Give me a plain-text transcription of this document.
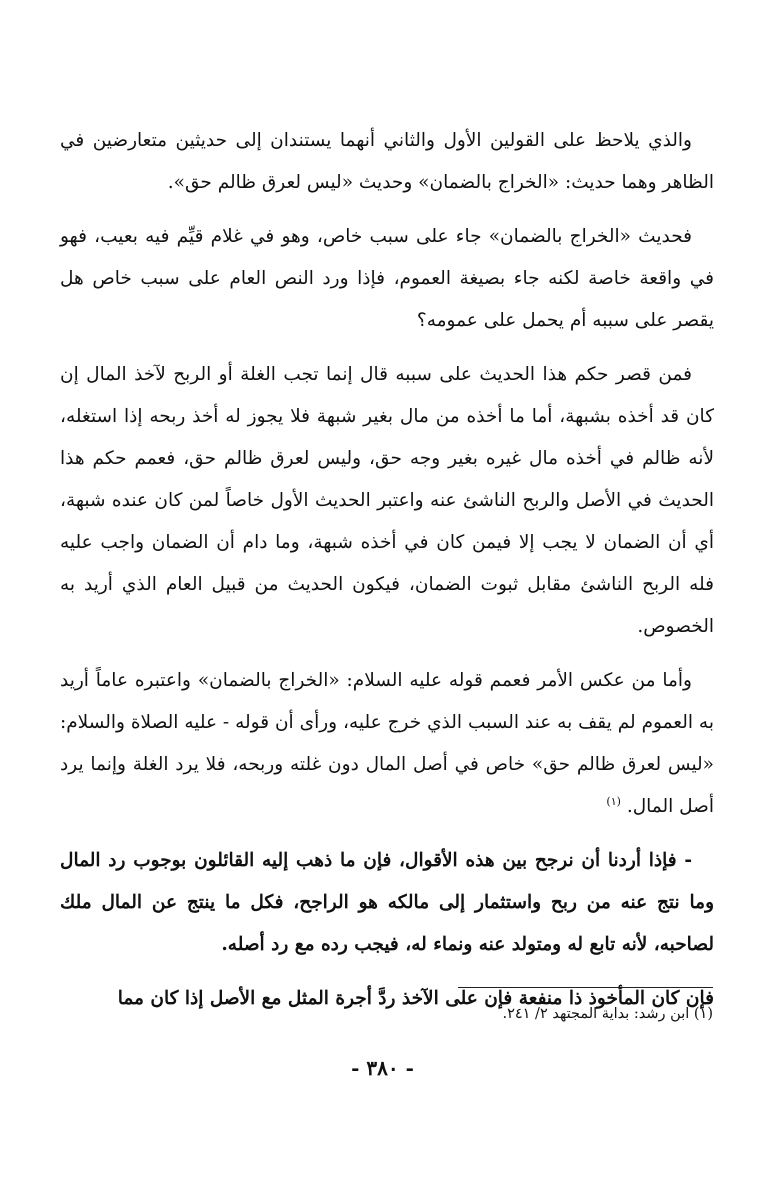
والذي يلاحظ على القولين الأول والثاني أنهما يستندان إلى حديثين متعارضين في الظاهر وهما حديث: «الخراج بالضمان» وحديث «ليس لعرق ظالم حق».

فحديث «الخراج بالضمان» جاء على سبب خاص، وهو في غلام قيِّم فيه بعيب، فهو في واقعة خاصة لكنه جاء بصيغة العموم، فإذا ورد النص العام على سبب خاص هل يقصر على سببه أم يحمل على عمومه؟

فمن قصر حكم هذا الحديث على سببه قال إنما تجب الغلة أو الربح لآخذ المال إن كان قد أخذه بشبهة، أما ما أخذه من مال بغير شبهة فلا يجوز له أخذ ربحه إذا استغله، لأنه ظالم في أخذه مال غيره بغير وجه حق، وليس لعرق ظالم حق، فعمم حكم هذا الحديث في الأصل والربح الناشئ عنه واعتبر الحديث الأول خاصاً لمن كان عنده شبهة، أي أن الضمان لا يجب إلا فيمن كان في أخذه شبهة، وما دام أن الضمان واجب عليه فله الربح الناشئ مقابل ثبوت الضمان، فيكون الحديث من قبيل العام الذي أريد به الخصوص.

وأما من عكس الأمر فعمم قوله عليه السلام: «الخراج بالضمان» واعتبره عاماً أريد به العموم لم يقف به عند السبب الذي خرج عليه، ورأى أن قوله - عليه الصلاة والسلام: «ليس لعرق ظالم حق» خاص في أصل المال دون غلته وربحه، فلا يرد الغلة وإنما يرد أصل المال. $^{(١)}$

- فإذا أردنا أن نرجح بين هذه الأقوال، فإن ما ذهب إليه القائلون بوجوب رد المال وما نتج عنه من ربح واستثمار إلى مالكه هو الراجح، فكل ما ينتج عن المال ملك لصاحبه، لأنه تابع له ومتولد عنه ونماء له، فيجب رده مع رد أصله.

فإن كان المأخوذ ذا منفعة فإن على الآخذ ردَّ أجرة المثل مع الأصل إذا كان مما

(١) ابن رشد: بداية المجتهد ٢/ ٢٤١.
- ٣٨٠ -
